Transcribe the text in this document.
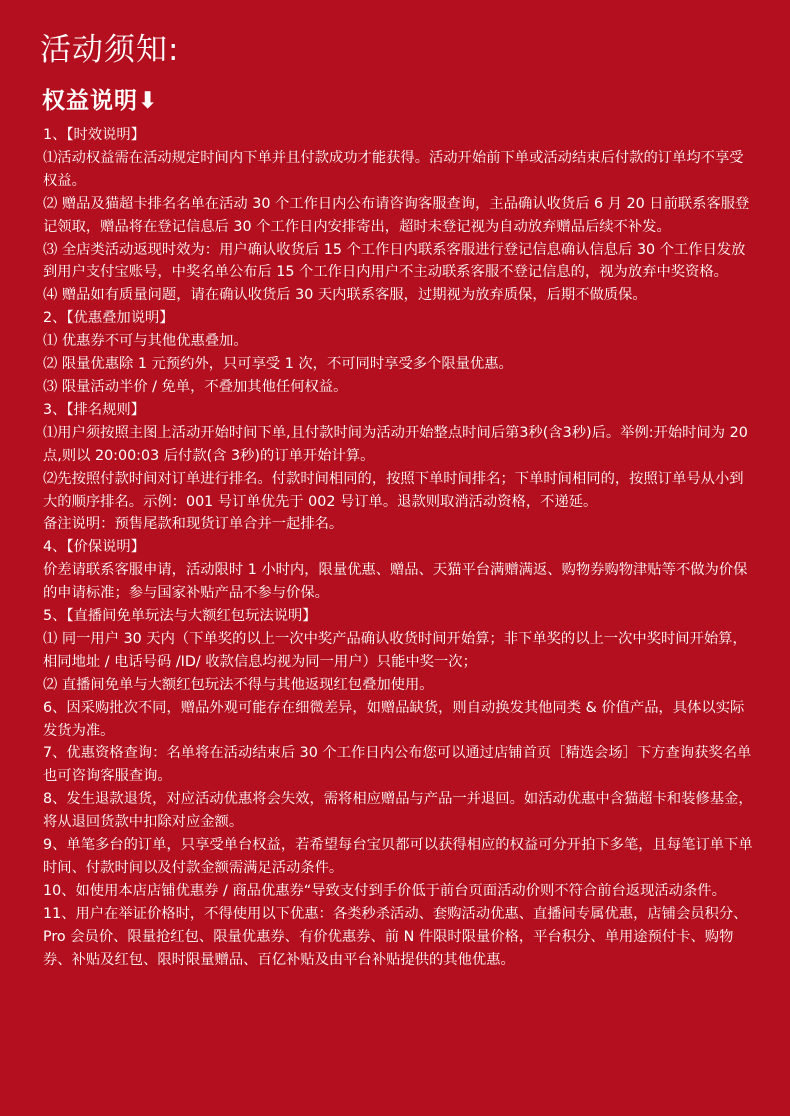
活动须知:
权益说明⬇

1、【时效说明】

⑴活动权益需在活动规定时间内下单并且付款成功才能获得。活动开始前下单或活动结束后付款的订单均不享受权益。

⑵ 赠品及猫超卡排名名单在活动 30 个工作日内公布请咨询客服查询，主品确认收货后 6 月 20 日前联系客服登记领取，赠品将在登记信息后 30 个工作日内安排寄出，超时未登记视为自动放弃赠品后续不补发。

⑶ 全店类活动返现时效为：用户确认收货后 15 个工作日内联系客服进行登记信息确认信息后 30 个工作日发放到用户支付宝账号，中奖名单公布后 15 个工作日内用户不主动联系客服不登记信息的，视为放弃中奖资格。

⑷ 赠品如有质量问题，请在确认收货后 30 天内联系客服，过期视为放弃质保，后期不做质保。

2、【优惠叠加说明】

⑴ 优惠券不可与其他优惠叠加。

⑵ 限量优惠除 1 元预约外，只可享受 1 次，不可同时享受多个限量优惠。

⑶ 限量活动半价 / 免单，不叠加其他任何权益。

3、【排名规则】

⑴用户须按照主图上活动开始时间下单,且付款时间为活动开始整点时间后第3秒(含3秒)后。举例:开始时间为 20 点,则以 20:00:03 后付款(含 3秒)的订单开始计算。

⑵先按照付款时间对订单进行排名。付款时间相同的，按照下单时间排名；下单时间相同的，按照订单号从小到大的顺序排名。示例：001 号订单优先于 002 号订单。退款则取消活动资格，不递延。

备注说明：预售尾款和现货订单合并一起排名。

4、【价保说明】

价差请联系客服申请，活动限时 1 小时内，限量优惠、赠品、天猫平台满赠满返、购物券购物津贴等不做为价保的申请标准；参与国家补贴产品不参与价保。

5、【直播间免单玩法与大额红包玩法说明】

⑴ 同一用户 30 天内（下单奖的以上一次中奖产品确认收货时间开始算；非下单奖的以上一次中奖时间开始算，相同地址 / 电话号码 /ID/ 收款信息均视为同一用户）只能中奖一次；

⑵ 直播间免单与大额红包玩法不得与其他返现红包叠加使用。

6、因采购批次不同，赠品外观可能存在细微差异，如赠品缺货，则自动换发其他同类 & 价值产品，具体以实际发货为准。

7、优惠资格查询：名单将在活动结束后 30 个工作日内公布您可以通过店铺首页［精选会场］下方查询获奖名单也可咨询客服查询。

8、发生退款退货，对应活动优惠将会失效，需将相应赠品与产品一并退回。如活动优惠中含猫超卡和装修基金，将从退回货款中扣除对应金额。

9、单笔多台的订单，只享受单台权益，若希望每台宝贝都可以获得相应的权益可分开拍下多笔，且每笔订单下单时间、付款时间以及付款金额需满足活动条件。

10、如使用本店店铺优惠券 / 商品优惠券“导致支付到手价低于前台页面活动价则不符合前台返现活动条件。

11、用户在举证价格时，不得使用以下优惠：各类秒杀活动、套购活动优惠、直播间专属优惠，店铺会员积分、Pro 会员价、限量抢红包、限量优惠券、有价优惠券、前 N 件限时限量价格，平台积分、单用途预付卡、购物券、补贴及红包、限时限量赠品、百亿补贴及由平台补贴提供的其他优惠。
